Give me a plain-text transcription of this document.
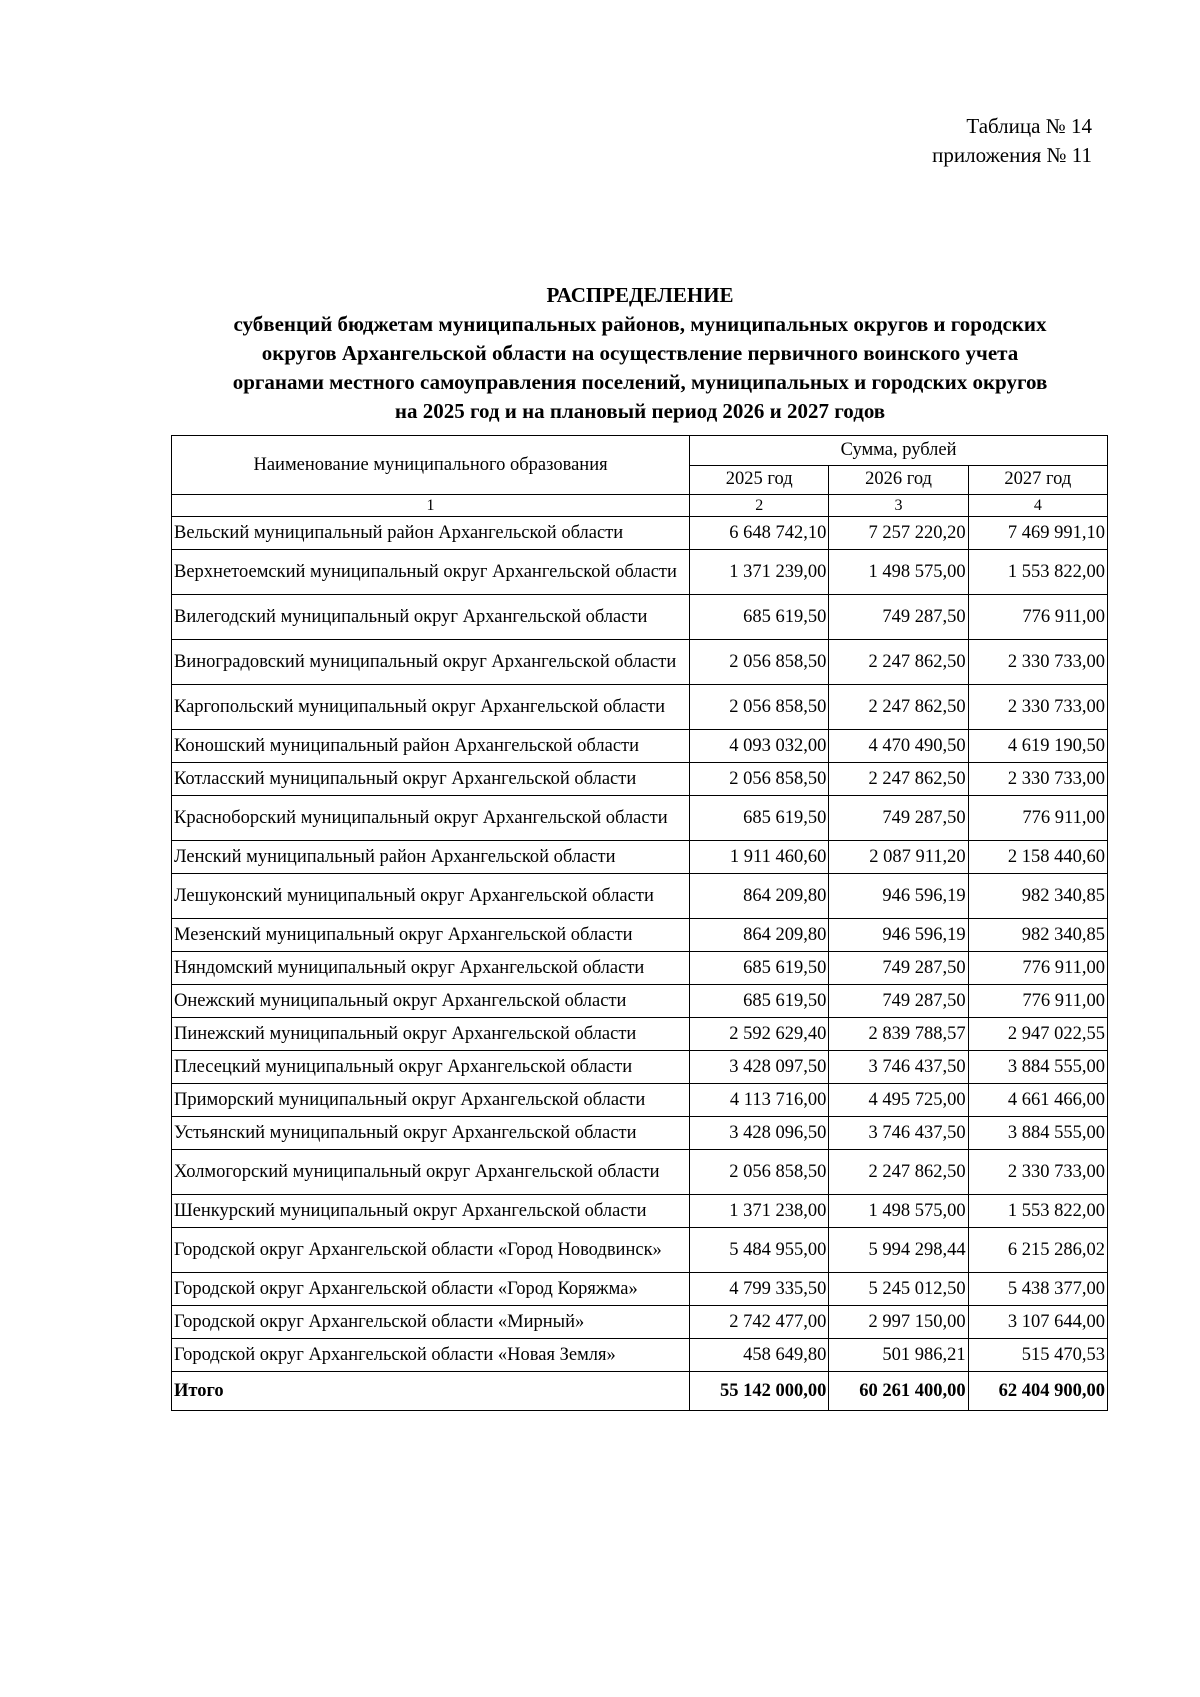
Таблица № 14
приложения № 11
РАСПРЕДЕЛЕНИЕ
субвенций бюджетам муниципальных районов, муниципальных округов и городских
округов Архангельской области на осуществление первичного воинского учета
органами местного самоуправления поселений, муниципальных и городских округов
на 2025 год и на плановый период 2026 и 2027 годов
Наименование муниципального образования	Сумма, рублей		
	2025 год	2026 год	2027 год
1	2	3	4
Вельский муниципальный район Архангельской области	6 648 742,10	7 257 220,20	7 469 991,10
Верхнетоемский муниципальный округ Архангельской области	1 371 239,00	1 498 575,00	1 553 822,00
Вилегодский муниципальный округ Архангельской области	685 619,50	749 287,50	776 911,00
Виноградовский муниципальный округ Архангельской области	2 056 858,50	2 247 862,50	2 330 733,00
Каргопольский муниципальный округ Архангельской области	2 056 858,50	2 247 862,50	2 330 733,00
Коношский муниципальный район Архангельской области	4 093 032,00	4 470 490,50	4 619 190,50
Котласский муниципальный округ Архангельской области	2 056 858,50	2 247 862,50	2 330 733,00
Красноборский муниципальный округ Архангельской области	685 619,50	749 287,50	776 911,00
Ленский муниципальный район Архангельской области	1 911 460,60	2 087 911,20	2 158 440,60
Лешуконский муниципальный округ Архангельской области	864 209,80	946 596,19	982 340,85
Мезенский муниципальный округ Архангельской области	864 209,80	946 596,19	982 340,85
Няндомский муниципальный округ Архангельской области	685 619,50	749 287,50	776 911,00
Онежский муниципальный округ Архангельской области	685 619,50	749 287,50	776 911,00
Пинежский муниципальный округ Архангельской области	2 592 629,40	2 839 788,57	2 947 022,55
Плесецкий муниципальный округ Архангельской области	3 428 097,50	3 746 437,50	3 884 555,00
Приморский муниципальный округ Архангельской области	4 113 716,00	4 495 725,00	4 661 466,00
Устьянский муниципальный округ Архангельской области	3 428 096,50	3 746 437,50	3 884 555,00
Холмогорский муниципальный округ Архангельской области	2 056 858,50	2 247 862,50	2 330 733,00
Шенкурский муниципальный округ Архангельской области	1 371 238,00	1 498 575,00	1 553 822,00
Городской округ Архангельской области «Город Новодвинск»	5 484 955,00	5 994 298,44	6 215 286,02
Городской округ Архангельской области «Город Коряжма»	4 799 335,50	5 245 012,50	5 438 377,00
Городской округ Архангельской области «Мирный»	2 742 477,00	2 997 150,00	3 107 644,00
Городской округ Архангельской области «Новая Земля»	458 649,80	501 986,21	515 470,53
Итого	55 142 000,00	60 261 400,00	62 404 900,00
